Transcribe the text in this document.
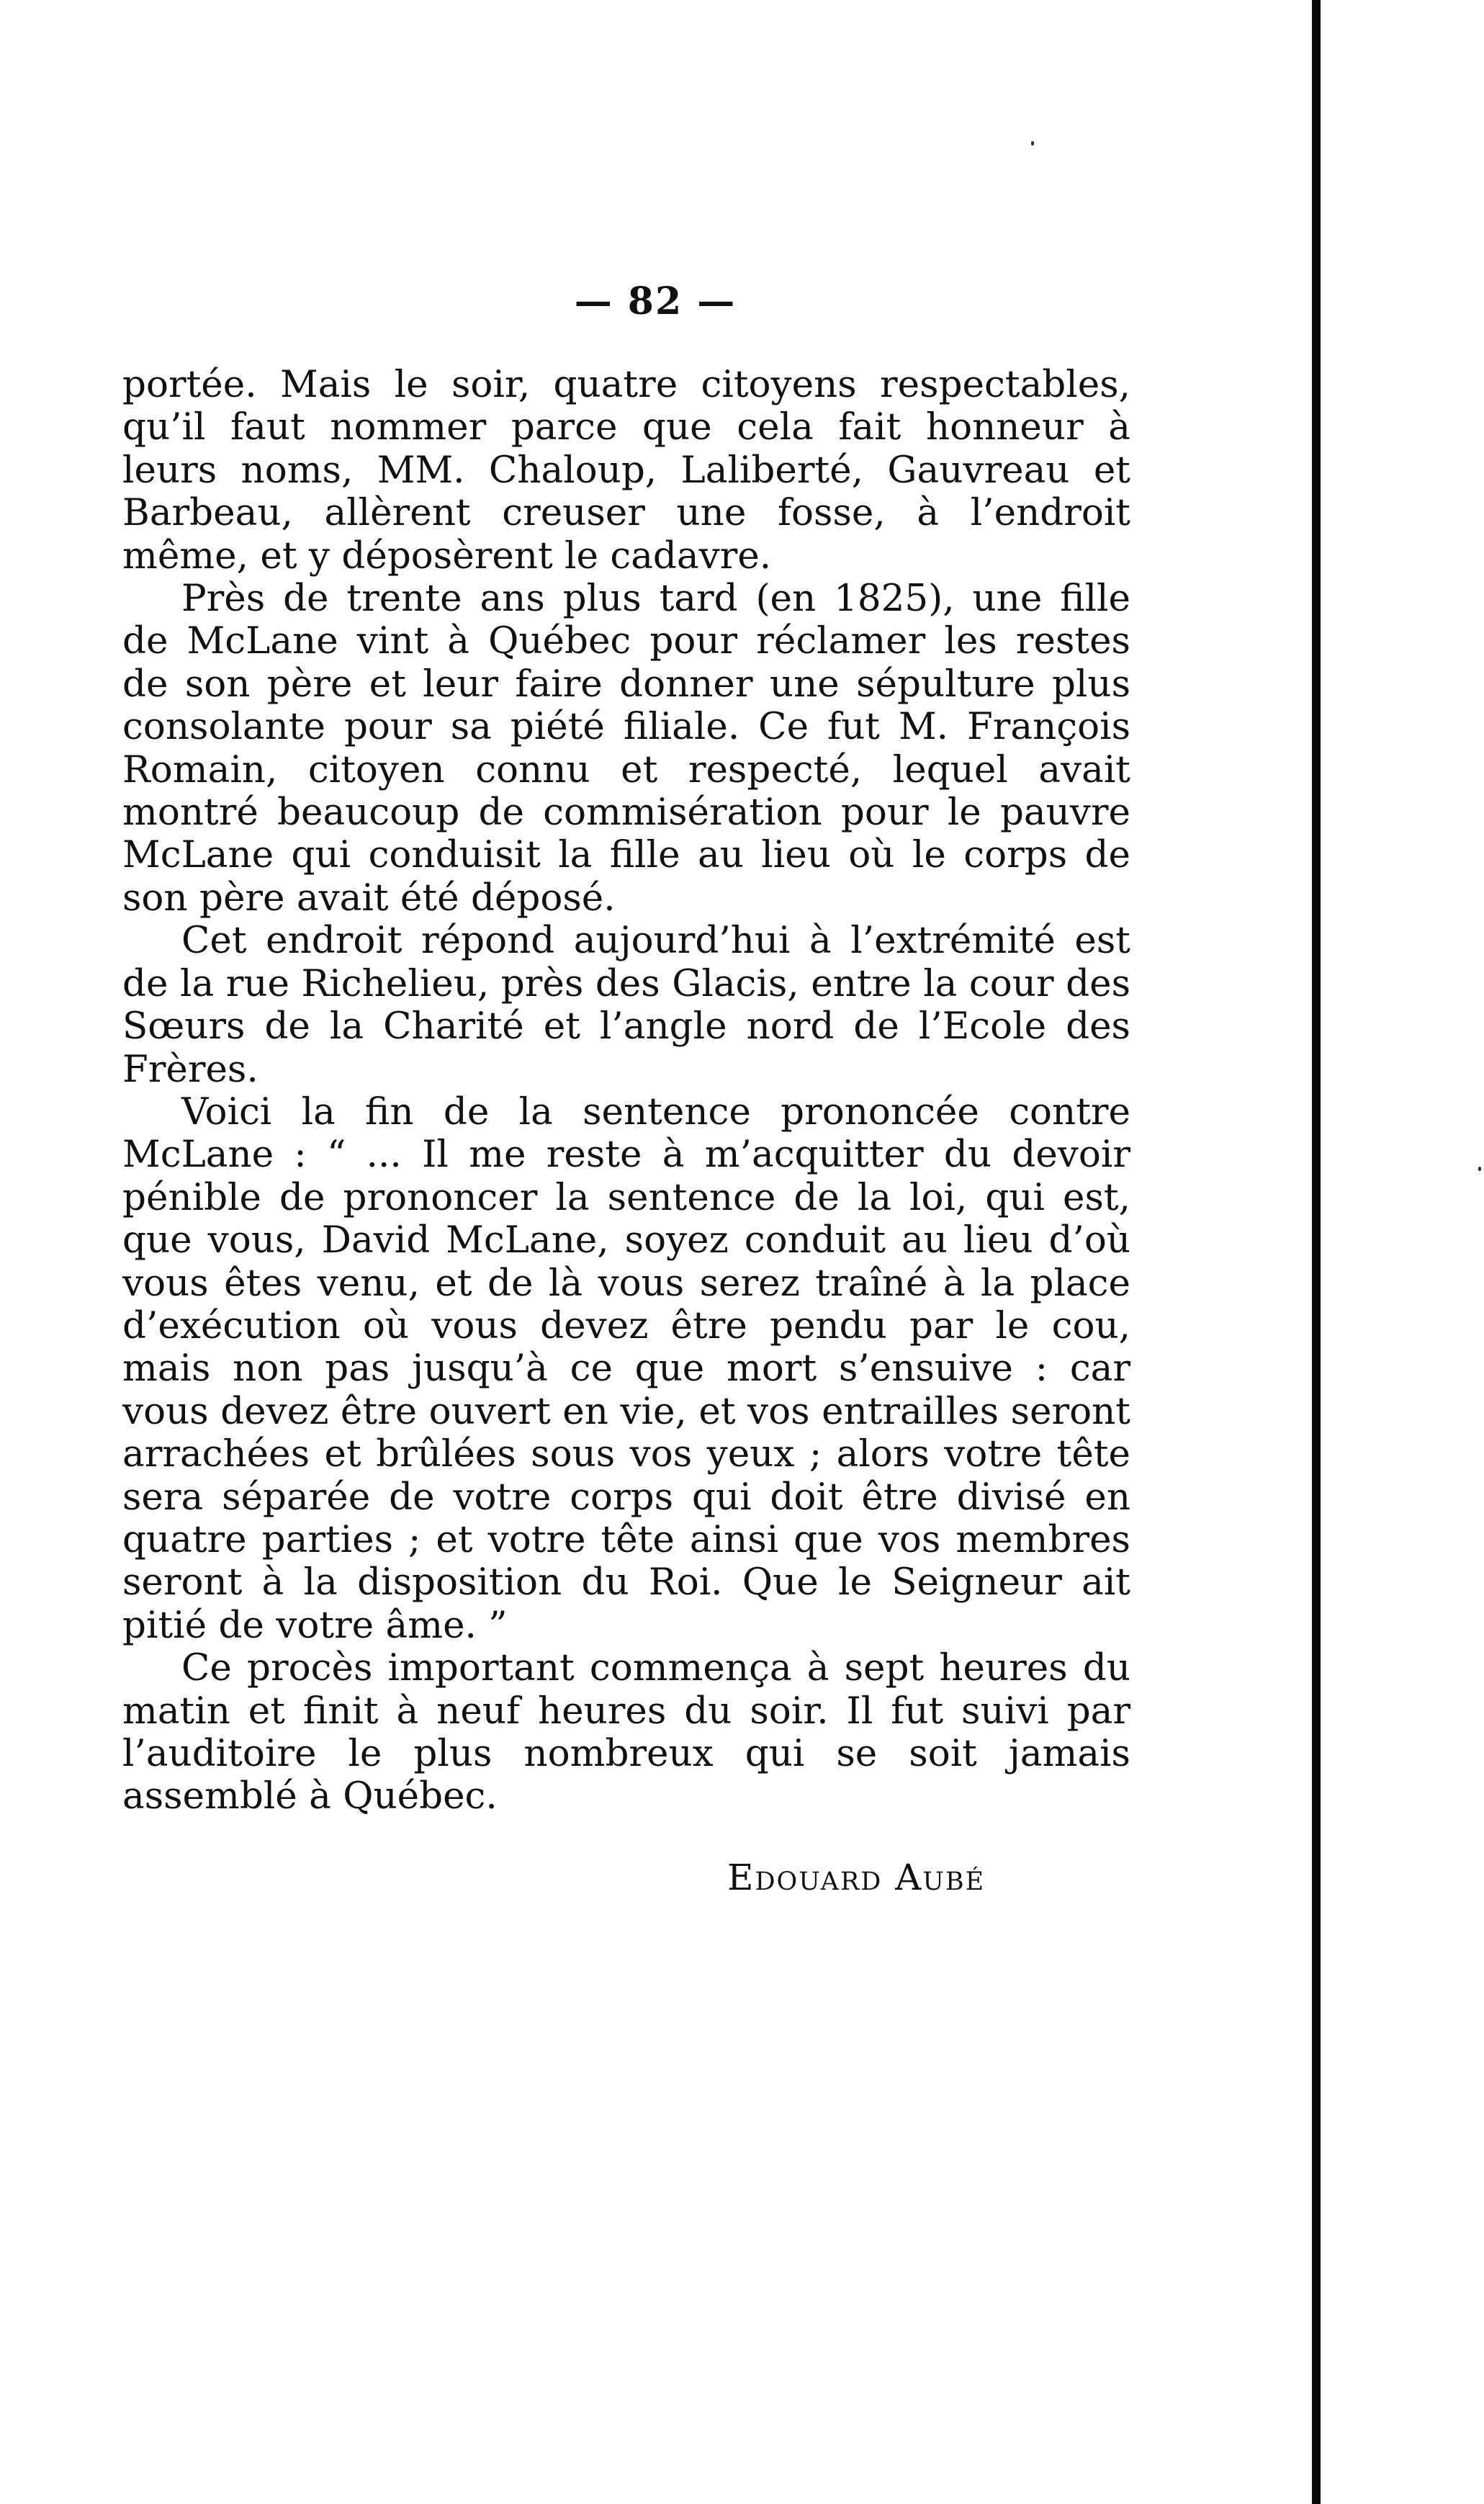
— 82 —

portée. Mais le soir, quatre citoyens respectables, qu’il faut nommer parce que cela fait honneur à leurs noms, MM. Chaloup, Laliberté, Gauvreau et Barbeau, allèrent creuser une fosse, à l’endroit même, et y déposèrent le cadavre.

Près de trente ans plus tard (en 1825), une fille de McLane vint à Québec pour réclamer les restes de son père et leur faire donner une sépulture plus consolante pour sa piété filiale. Ce fut M. François Romain, citoyen connu et respecté, lequel avait montré beaucoup de commisération pour le pauvre McLane qui conduisit la fille au lieu où le corps de son père avait été déposé.

Cet endroit répond aujourd’hui à l’extrémité est de la rue Richelieu, près des Glacis, entre la cour des Sœurs de la Charité et l’angle nord de l’Ecole des Frères.

Voici la fin de la sentence prononcée contre McLane : “ ... Il me reste à m’acquitter du devoir pénible de prononcer la sentence de la loi, qui est, que vous, David McLane, soyez conduit au lieu d’où vous êtes venu, et de là vous serez traîné à la place d’exécution où vous devez être pendu par le cou, mais non pas jusqu’à ce que mort s’ensuive : car vous devez être ouvert en vie, et vos entrailles seront arrachées et brûlées sous vos yeux ; alors votre tête sera séparée de votre corps qui doit être divisé en quatre parties ; et votre tête ainsi que vos membres seront à la disposition du Roi. Que le Seigneur ait pitié de votre âme. ”

Ce procès important commença à sept heures du matin et finit à neuf heures du soir. Il fut suivi par l’auditoire le plus nombreux qui se soit jamais assemblé à Québec.

Edouard Aubé
